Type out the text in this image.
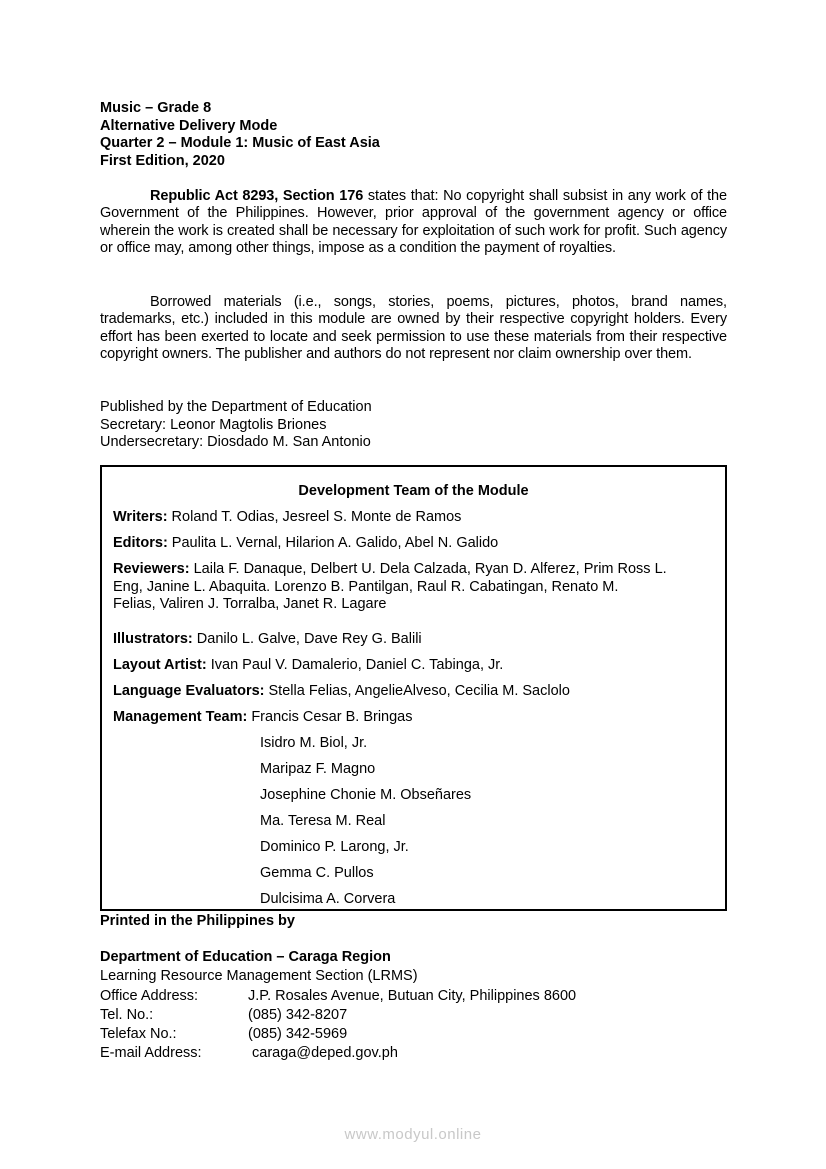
Music – Grade 8
Alternative Delivery Mode
Quarter 2 – Module 1: Music of East Asia
First Edition, 2020
Republic Act 8293, Section 176 states that: No copyright shall subsist in any work of the Government of the Philippines. However, prior approval of the government agency or office wherein the work is created shall be necessary for exploitation of such work for profit. Such agency or office may, among other things, impose as a condition the payment of royalties.
Borrowed materials (i.e., songs, stories, poems, pictures, photos, brand names, trademarks, etc.) included in this module are owned by their respective copyright holders. Every effort has been exerted to locate and seek permission to use these materials from their respective copyright owners. The publisher and authors do not represent nor claim ownership over them.
Published by the Department of Education
Secretary: Leonor Magtolis Briones
Undersecretary: Diosdado M. San Antonio
Development Team of the Module
Writers: Roland T. Odias, Jesreel S. Monte de Ramos
Editors: Paulita L. Vernal, Hilarion A. Galido, Abel N. Galido
Reviewers: Laila F. Danaque, Delbert U. Dela Calzada, Ryan D. Alferez, Prim Ross L.
Eng, Janine L. Abaquita. Lorenzo B. Pantilgan, Raul R. Cabatingan, Renato M.
Felias, Valiren J. Torralba, Janet R. Lagare
Illustrators: Danilo L. Galve, Dave Rey G. Balili
Layout Artist: Ivan Paul V. Damalerio, Daniel C. Tabinga, Jr.
Language Evaluators: Stella Felias, AngelieAlveso, Cecilia M. Saclolo
Management Team: Francis Cesar B. Bringas
Isidro M. Biol, Jr.
Maripaz F. Magno
Josephine Chonie M. Obseñares
Ma. Teresa M. Real
Dominico P. Larong, Jr.
Gemma C. Pullos
Dulcisima A. Corvera
Printed in the Philippines by
Department of Education – Caraga Region
Learning Resource Management Section (LRMS)
Office Address:	J.P. Rosales Avenue, Butuan City, Philippines 8600
Tel. No.:	(085) 342-8207
Telefax No.:	(085) 342-5969
E-mail Address:	caraga@deped.gov.ph
www.modyul.online
